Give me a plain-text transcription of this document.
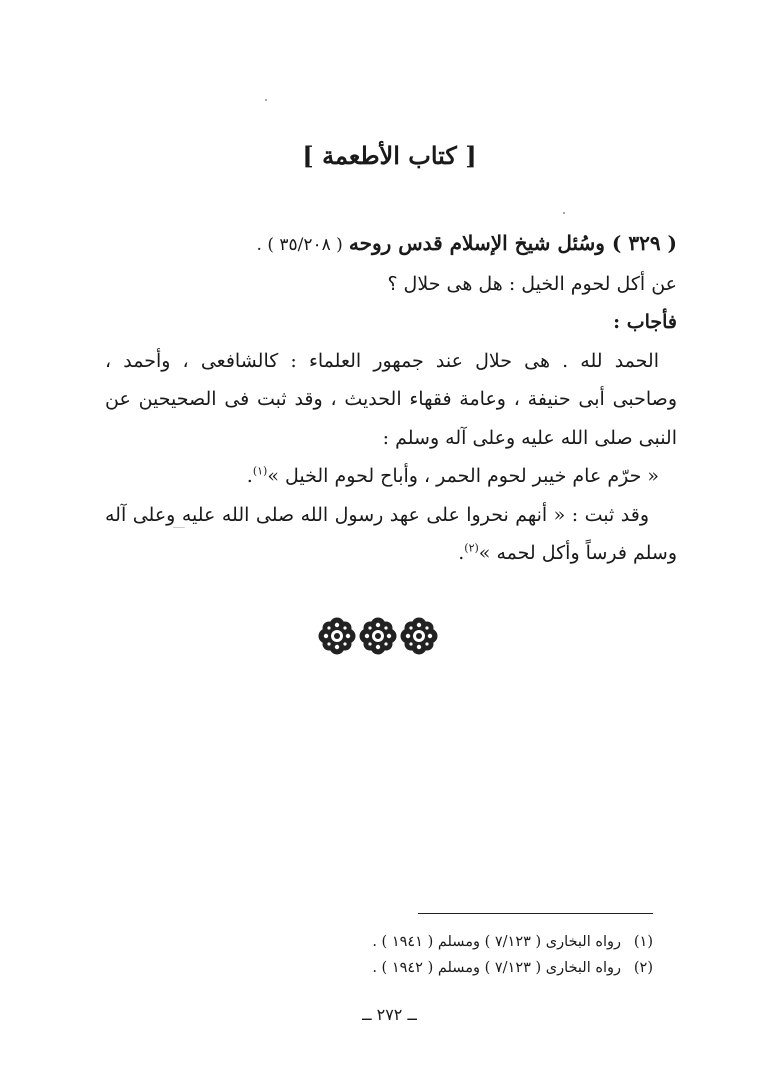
[ كتاب الأطعمة ]

( ٣٢٩ ) وسُئل شيخ الإسلام قدس روحه ( ٣٥/٢٠٨ ) .

عن أكل لحوم الخيل : هل هى حلال ؟

فأجاب :

الحمد لله . هى حلال عند جمهور العلماء : كالشافعى ، وأحمد ،

وصاحبى أبى حنيفة ، وعامة فقهاء الحديث ، وقد ثبت فى الصحيحين عن

النبى صلى الله عليه وعلى آله وسلم :

« حرّم عام خيبر لحوم الحمر ، وأباح لحوم الخيل »$^{(١)}$.

وقد ثبت : « أنهم نحروا على عهد رسول الله صلى الله عليه وعلى آله

وسلم فرساً وأكل لحمه »$^{(٢)}$.

(١)رواه البخارى ( ٧/١٢٣ ) ومسلم ( ١٩٤١ ) .
(٢)رواه البخارى ( ٧/١٢٣ ) ومسلم ( ١٩٤٢ ) .
ــ ٢٧٢ ــ
